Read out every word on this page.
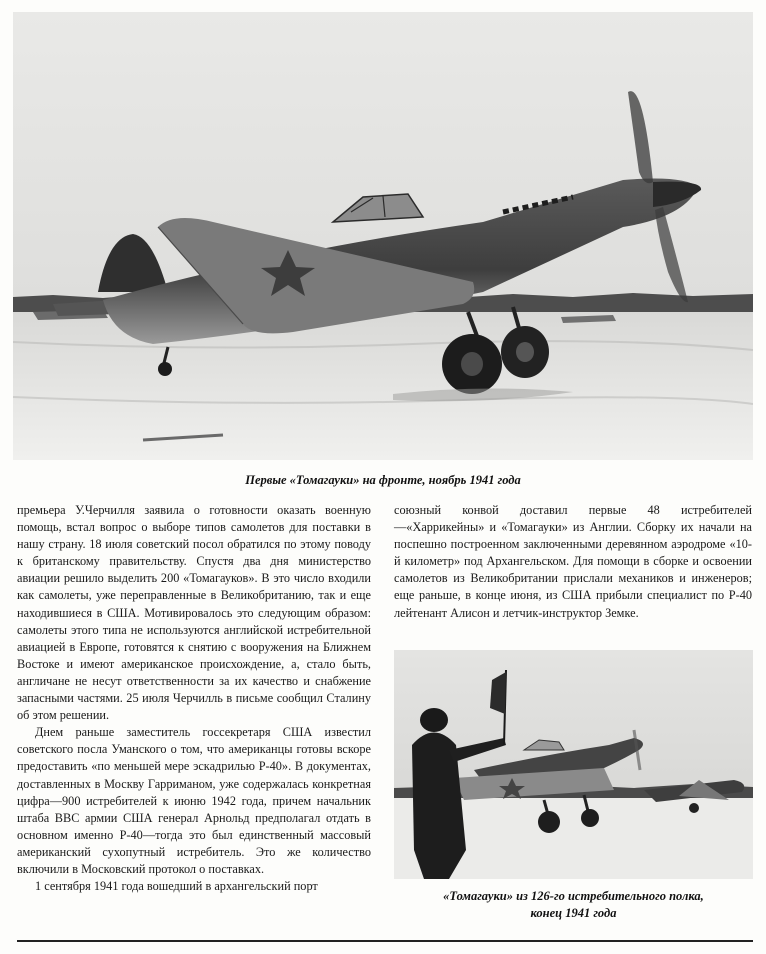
Первые «Томагауки» на фронте, ноябрь 1941 года

премьера У.Черчилля заявила о готовности оказать военную помощь, встал вопрос о выборе типов самолетов для поставки в нашу страну. 18 июля советский посол обратился по этому поводу к британскому правительству. Спустя два дня министерство авиации решило выделить 200 «Томагауков». В это число входили как самолеты, уже переправленные в Великобританию, так и еще находившиеся в США. Мотивировалось это следующим образом: самолеты этого типа не используются английской истребительной авиацией в Европе, готовятся к снятию с вооружения на Ближнем Востоке и имеют американское происхождение, а, стало быть, англичане не несут ответственности за их качество и снабжение запасными частями. 25 июля Черчилль в письме сообщил Сталину об этом решении.

Днем раньше заместитель госсекретаря США известил советского посла Уманского о том, что американцы готовы вскоре предоставить «по меньшей мере эскадрилью Р-40». В документах, доставленных в Москву Гарриманом, уже содержалась конкретная цифра—900 истребителей к июню 1942 года, причем начальник штаба ВВС армии США генерал Арнольд предполагал отдать в основном именно Р-40—тогда это был единственный массовый американский сухопутный истребитель. Это же количество включили в Московский протокол о поставках.

1 сентября 1941 года вошедший в архангельский порт

союзный конвой доставил первые 48 истребителей—«Харрикейны» и «Томагауки» из Англии. Сборку их начали на поспешно построенном заключенными деревянном аэродроме «10-й километр» под Архангельском. Для помощи в сборке и освоении самолетов из Великобритании прислали механиков и инженеров; еще раньше, в конце июня, из США прибыли специалист по Р-40 лейтенант Алисон и летчик-инструктор Земке.

«Томагауки» из 126-го истребительного полка,
конец 1941 года
